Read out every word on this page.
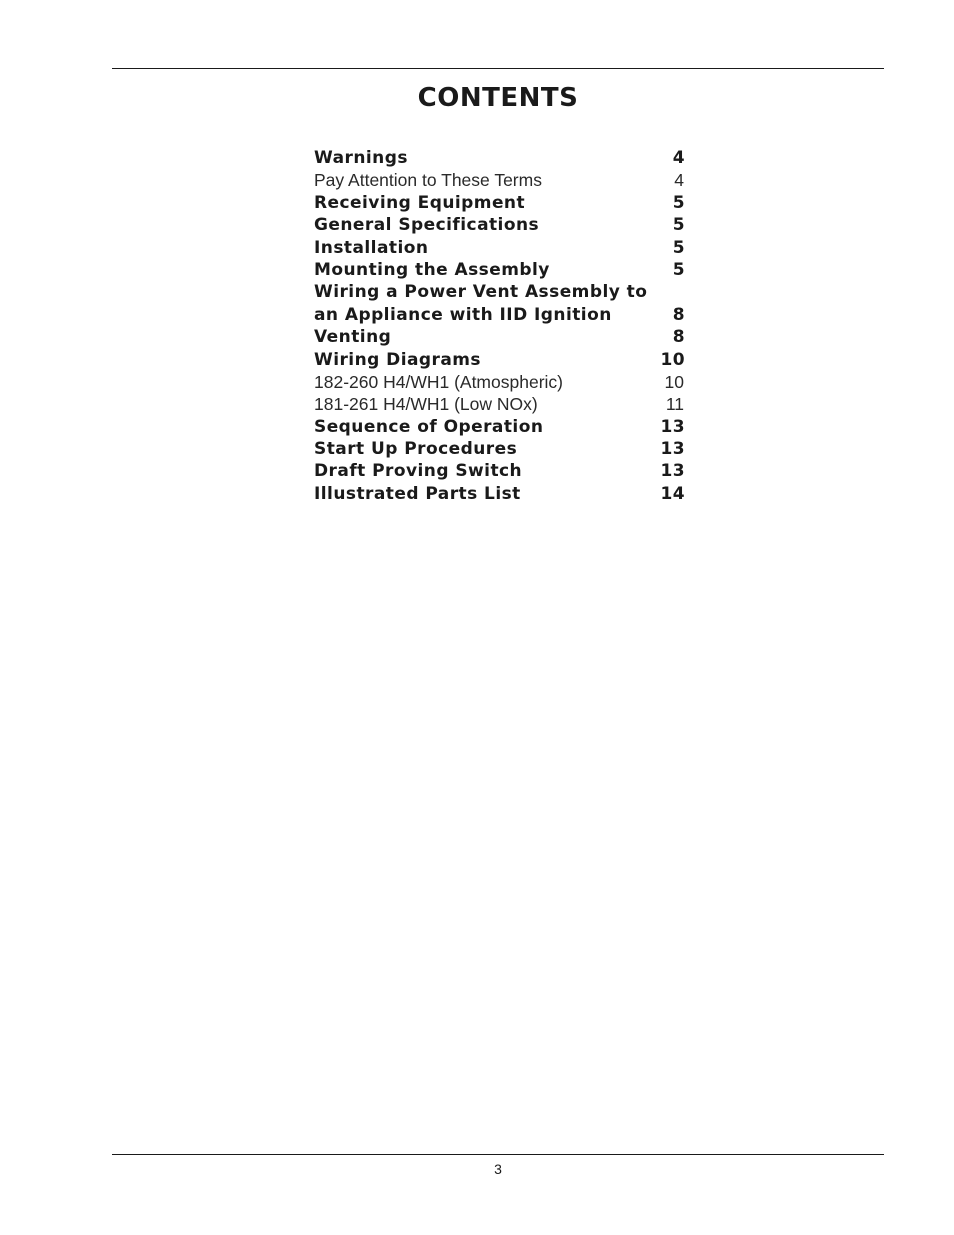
CONTENTS
Warnings	4
Pay Attention to These Terms	4
Receiving Equipment	5
General Specifications	5
Installation	5
Mounting the Assembly	5
Wiring a Power Vent Assembly to
an Appliance with IID Ignition	8
Venting	8
Wiring Diagrams	10
182-260 H4/WH1 (Atmospheric)	10
181-261 H4/WH1 (Low NOx)	11
Sequence of Operation	13
Start Up Procedures	13
Draft Proving Switch	13
Illustrated Parts List	14
3
